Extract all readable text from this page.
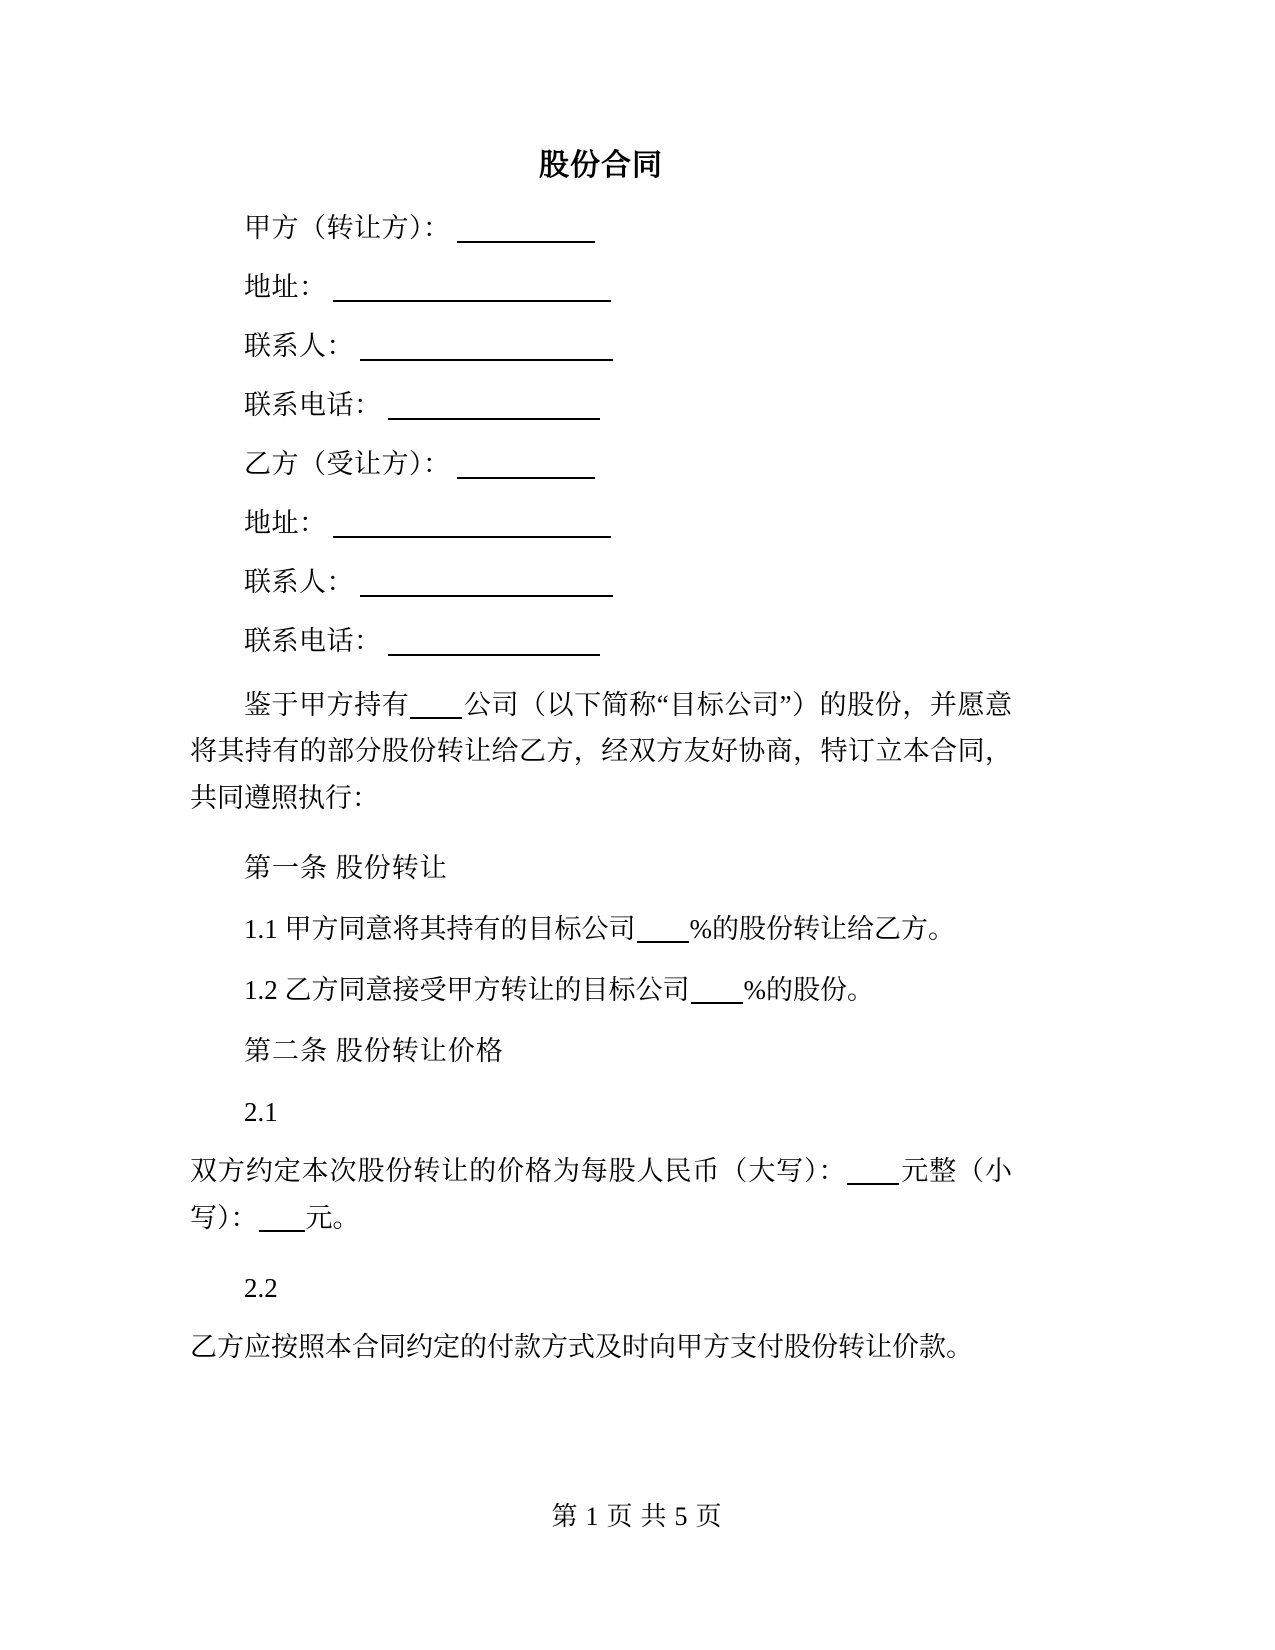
股份合同

甲方（转让方）：

地址：

联系人：

联系电话：

乙方（受让方）：

地址：

联系人：

联系电话：

鉴于甲方持有 公司（以下简称“目标公司”）的股份，并愿意将其持有的部分股份转让给乙方，经双方友好协商，特订立本合同，共同遵照执行：

第一条 股份转让

1.1 甲方同意将其持有的目标公司 %的股份转让给乙方。

1.2 乙方同意接受甲方转让的目标公司 %的股份。

第二条 股份转让价格

2.1

双方约定本次股份转让的价格为每股人民币（大写）： 元整（小写）： 元。

2.2

乙方应按照本合同约定的付款方式及时向甲方支付股份转让价款。

第 1 页 共 5 页
